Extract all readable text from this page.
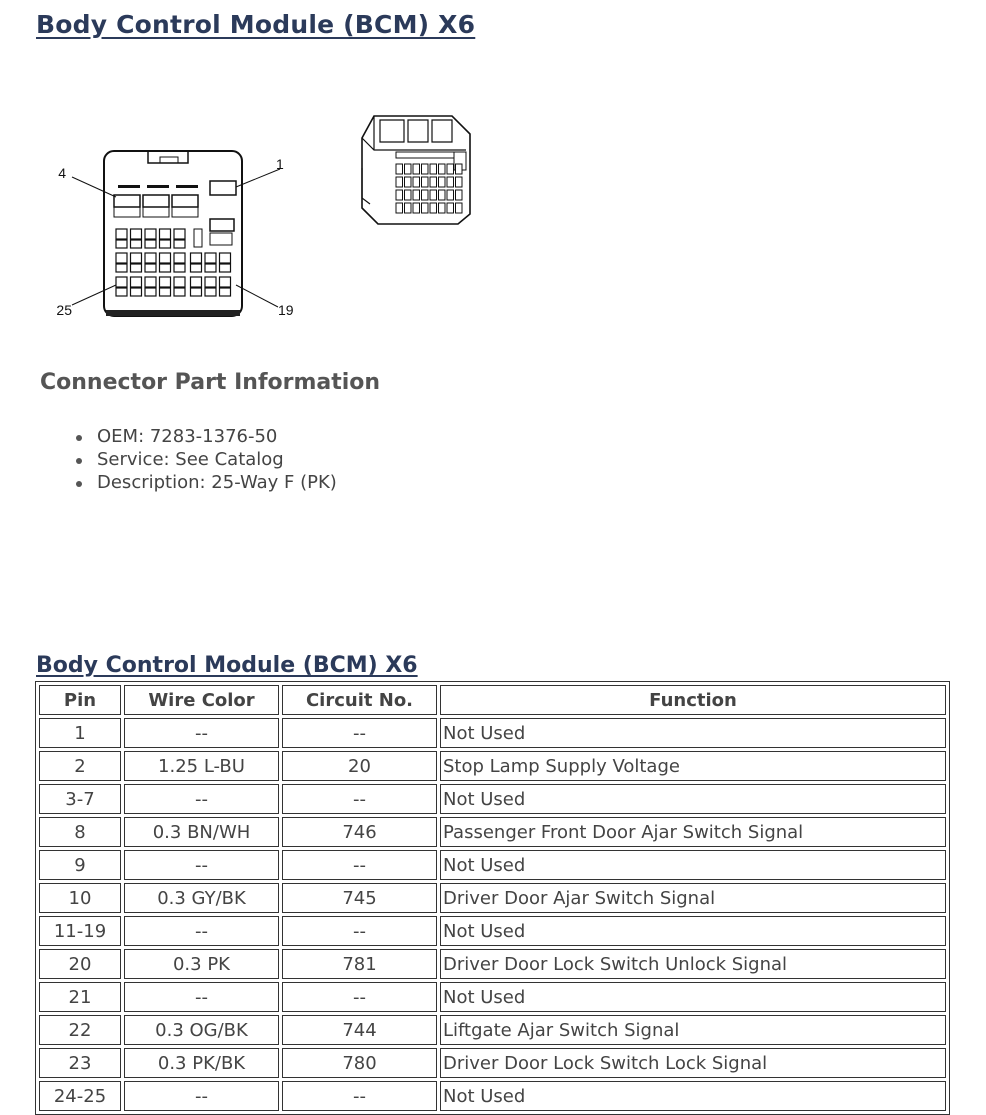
Body Control Module (BCM) X6
4
1
25	19
Connector Part Information
OEM: 7283-1376-50
Service: See Catalog
Description: 25-Way F (PK)
Body Control Module (BCM) X6
Pin	Wire Color	Circuit No.	Function
1	--	--	Not Used
2	1.25 L-BU	20	Stop Lamp Supply Voltage
3-7	--	--	Not Used
8	0.3 BN/WH	746	Passenger Front Door Ajar Switch Signal
9	--	--	Not Used
10	0.3 GY/BK	745	Driver Door Ajar Switch Signal
11-19	--	--	Not Used
20	0.3 PK	781	Driver Door Lock Switch Unlock Signal
21	--	--	Not Used
22	0.3 OG/BK	744	Liftgate Ajar Switch Signal
23	0.3 PK/BK	780	Driver Door Lock Switch Lock Signal
24-25	--	--	Not Used
